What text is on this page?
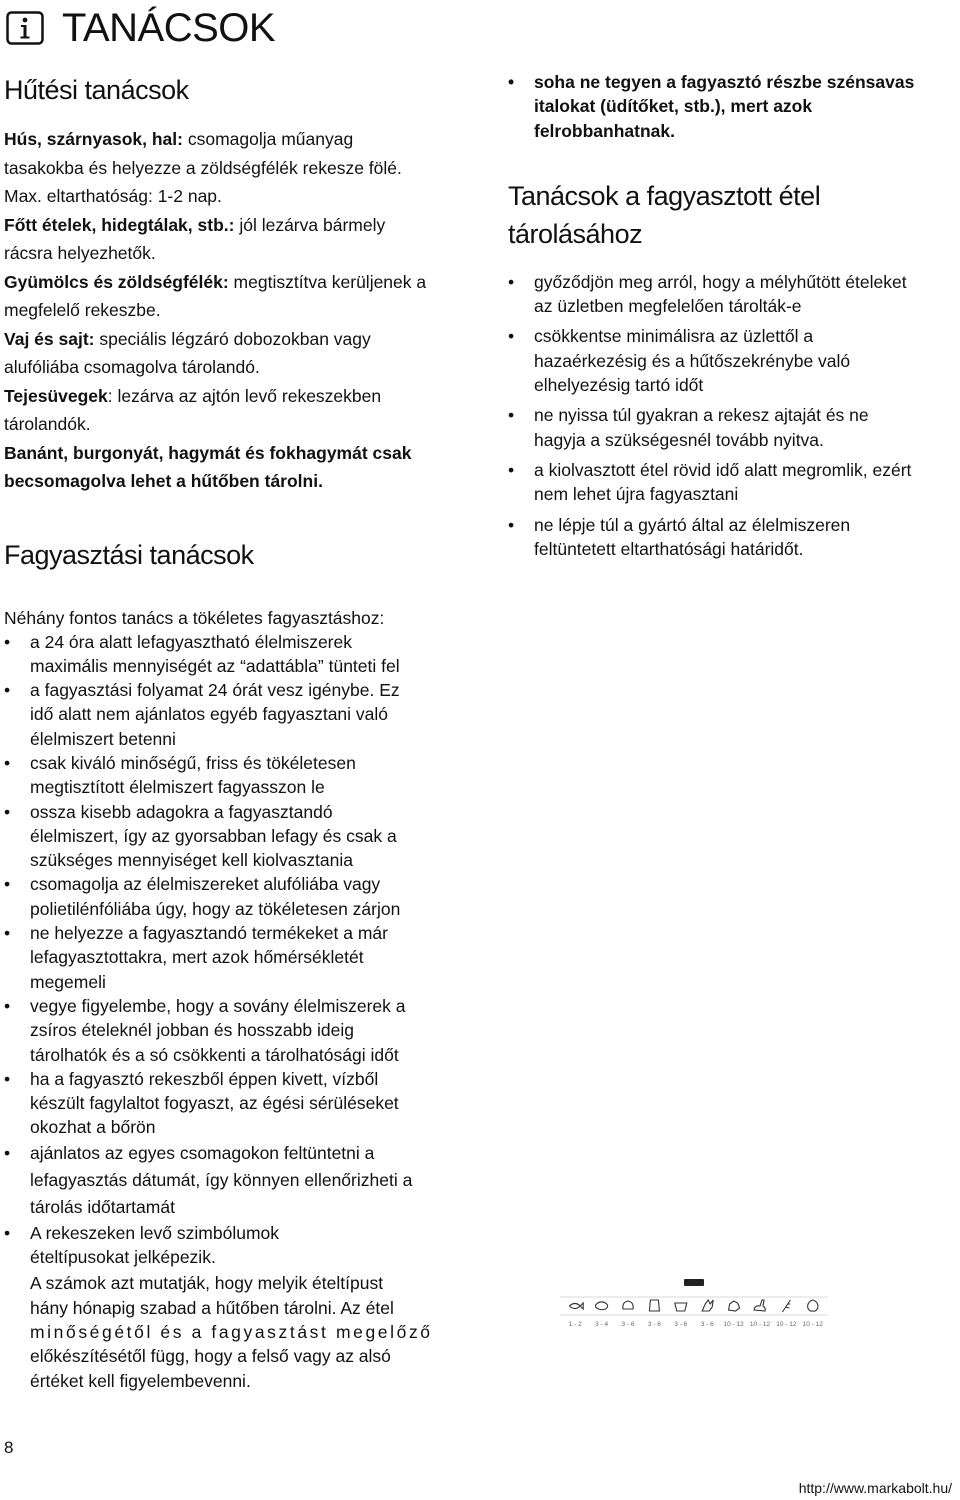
TANÁCSOK
Hűtési tanácsok
Hús, szárnyasok, hal: csomagolja műanyag
tasakokba és helyezze a zöldségfélék rekesze fölé.
Max. eltarthatóság: 1-2 nap.
Főtt ételek, hidegtálak, stb.: jól lezárva bármely
rácsra helyezhetők.
Gyümölcs és zöldségfélék: megtisztítva kerüljenek a
megfelelő rekeszbe.
Vaj és sajt: speciális légzáró dobozokban vagy
alufóliába csomagolva tárolandó.
Tejesüvegek: lezárva az ajtón levő rekeszekben
tárolandók.
Banánt, burgonyát, hagymát és fokhagymát csak
becsomagolva lehet a hűtőben tárolni.
Fagyasztási tanácsok
Néhány fontos tanács a tökéletes fagyasztáshoz:
•	a 24 óra alatt lefagyasztható élelmiszerek
maximális mennyiségét az “adattábla” tünteti fel
•	a fagyasztási folyamat 24 órát vesz igénybe. Ez
idő alatt nem ajánlatos egyéb fagyasztani való
élelmiszert betenni
•	csak kiváló minőségű, friss és tökéletesen
megtisztított élelmiszert fagyasszon le
•	ossza kisebb adagokra a fagyasztandó
élelmiszert, így az gyorsabban lefagy és csak a
szükséges mennyiséget kell kiolvasztania
•	csomagolja az élelmiszereket alufóliába vagy
polietilénfóliába úgy, hogy az tökéletesen zárjon
•	ne helyezze a fagyasztandó termékeket a már
lefagyasztottakra, mert azok hőmérsékletét
megemeli
•	vegye figyelembe, hogy a sovány élelmiszerek a
zsíros ételeknél jobban és hosszabb ideig
tárolhatók és a só csökkenti a tárolhatósági időt
•	ha a fagyasztó rekeszből éppen kivett, vízből
készült fagylaltot fogyaszt, az égési sérüléseket
okozhat a bőrön
•	ajánlatos az egyes csomagokon feltüntetni a
lefagyasztás dátumát, így könnyen ellenőrizheti a
tárolás időtartamát
•	A rekeszeken levő szimbólumok
ételtípusokat jelképezik.
A számok azt mutatják, hogy melyik ételtípust
hány hónapig szabad a hűtőben tárolni. Az étel
minőségétől és a fagyasztást megelőző
előkészítésétől függ, hogy a felső vagy az alsó
értéket kell figyelembevenni.
•	soha ne tegyen a fagyasztó részbe szénsavas
italokat (üdítőket, stb.), mert azok
felrobbanhatnak.
Tanácsok a fagyasztott étel
tárolásához
•	győződjön meg arról, hogy a mélyhűtött ételeket
az üzletben megfelelően tárolták-e
•	csökkentse minimálisra az üzlettől a
hazaérkezésig és a hűtőszekrénybe való
elhelyezésig tartó időt
•	ne nyissa túl gyakran a rekesz ajtaját és ne
hagyja a szükségesnél tovább nyitva.
•	a kiolvasztott étel rövid idő alatt megromlik, ezért
nem lehet újra fagyasztani
•	ne lépje túl a gyártó által az élelmiszeren
feltüntetett eltarthatósági határidőt.
1 - 2 3 - 4 3 - 6 3 - 6 3 - 6 3 - 6 10 - 12 10 - 12 10 - 12 10 - 12
8
http://www.markabolt.hu/
